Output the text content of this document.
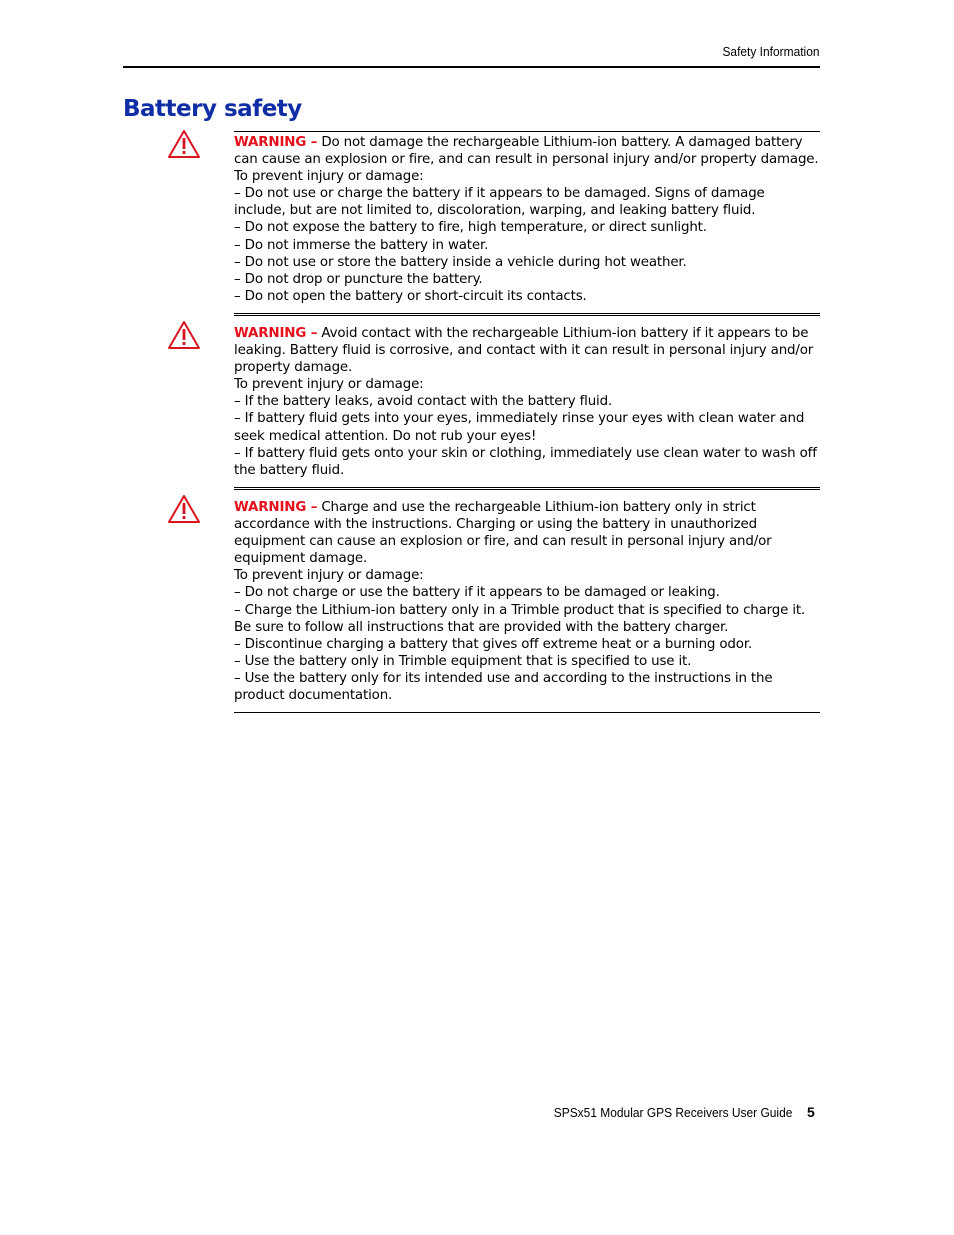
Safety Information
Battery safety

WARNING – Do not damage the rechargeable Lithium-ion battery. A damaged battery can cause an explosion or fire, and can result in personal injury and/or property damage.

To prevent injury or damage:

– Do not use or charge the battery if it appears to be damaged. Signs of damage include, but are not limited to, discoloration, warping, and leaking battery fluid.

– Do not expose the battery to fire, high temperature, or direct sunlight.

– Do not immerse the battery in water.

– Do not use or store the battery inside a vehicle during hot weather.

– Do not drop or puncture the battery.

– Do not open the battery or short-circuit its contacts.

WARNING – Avoid contact with the rechargeable Lithium-ion battery if it appears to be leaking. Battery fluid is corrosive, and contact with it can result in personal injury and/or property damage.

To prevent injury or damage:

– If the battery leaks, avoid contact with the battery fluid.

– If battery fluid gets into your eyes, immediately rinse your eyes with clean water and seek medical attention. Do not rub your eyes!

– If battery fluid gets onto your skin or clothing, immediately use clean water to wash off the battery fluid.

WARNING – Charge and use the rechargeable Lithium-ion battery only in strict accordance with the instructions. Charging or using the battery in unauthorized equipment can cause an explosion or fire, and can result in personal injury and/or equipment damage.

To prevent injury or damage:

– Do not charge or use the battery if it appears to be damaged or leaking.

– Charge the Lithium-ion battery only in a Trimble product that is specified to charge it. Be sure to follow all instructions that are provided with the battery charger.

– Discontinue charging a battery that gives off extreme heat or a burning odor.

– Use the battery only in Trimble equipment that is specified to use it.

– Use the battery only for its intended use and according to the instructions in the product documentation.

SPSx51 Modular GPS Receivers User Guide 5
